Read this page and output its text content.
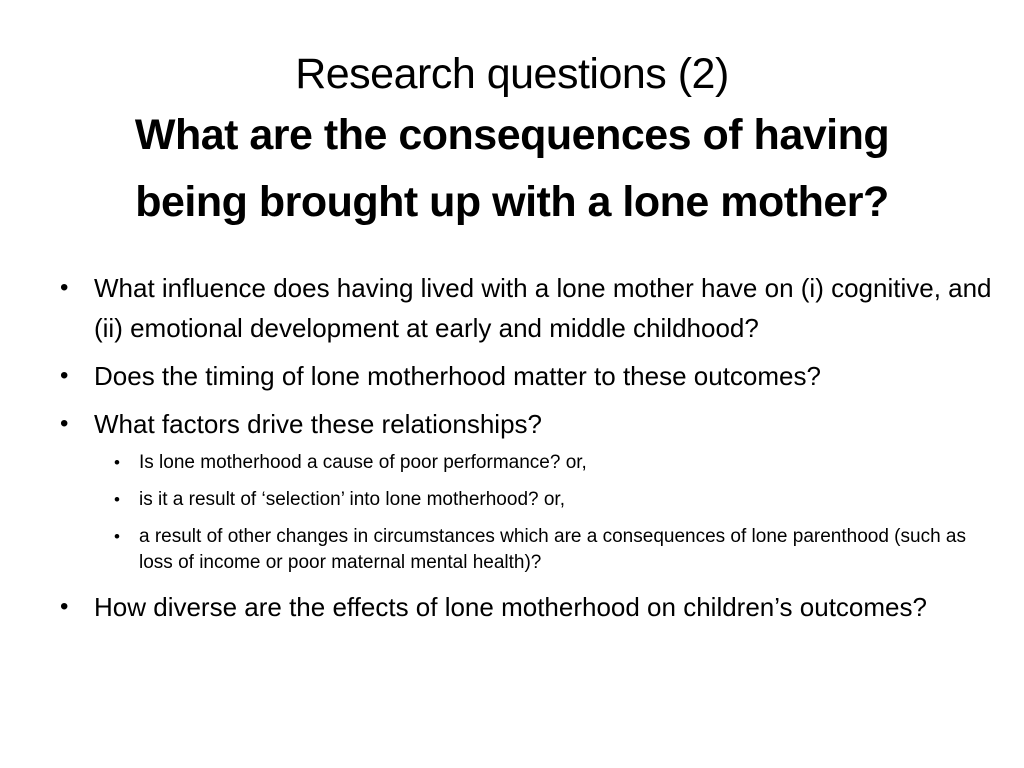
Research questions (2)
What are the consequences of having
being brought up with a lone mother?
• What influence does having lived with a lone mother have on (i) cognitive, and (ii) emotional development at early and middle childhood?
• Does the timing of lone motherhood matter to these outcomes?
• What factors drive these relationships?
• Is lone motherhood a cause of poor performance? or,
• is it a result of ‘selection’ into lone motherhood? or,
• a result of other changes in circumstances which are a consequences of lone parenthood (such as loss of income or poor maternal mental health)?
• How diverse are the effects of lone motherhood on children’s outcomes?
